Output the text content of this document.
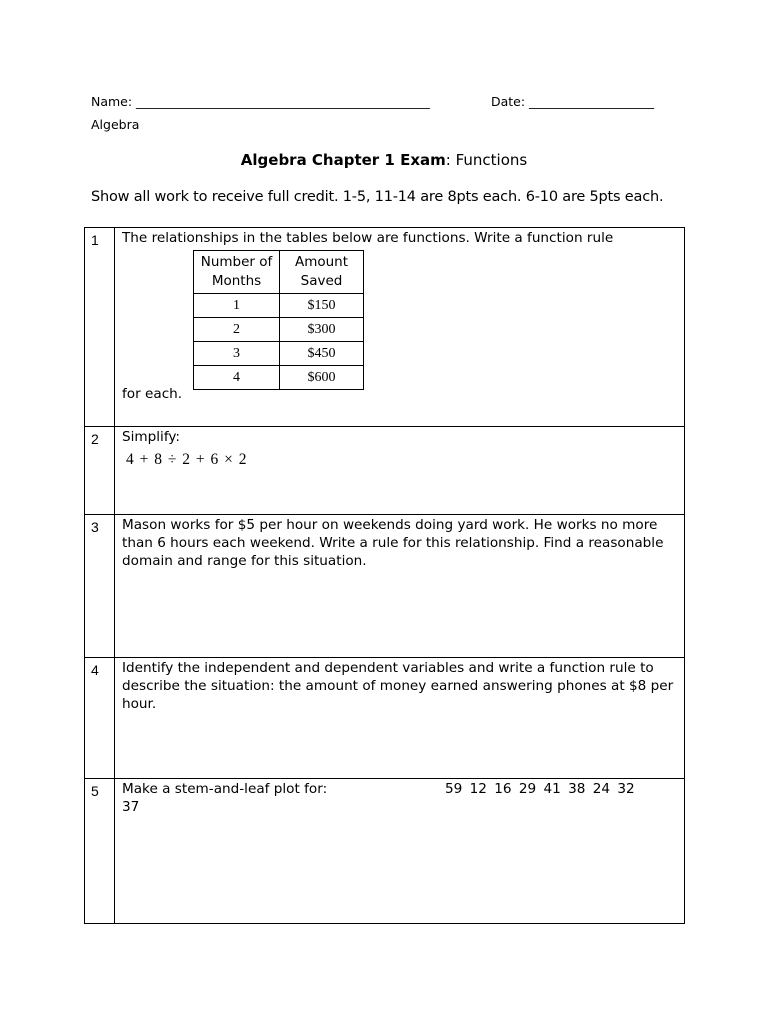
Name: _______________________________________________	Date: ____________________
Algebra
Algebra Chapter 1 Exam: Functions
Show all work to receive full credit. 1-5, 11-14 are 8pts each. 6-10 are 5pts each.
1	The relationships in the tables below are functions. Write a function rule
Number of Months	Amount Saved
1	$150
2	$300
3	$450
4	$600
for each.

2	Simplify:
4 + 8 ÷ 2 + 6 × 2

3	Mason works for $5 per hour on weekends doing yard work. He works no more than 6 hours each weekend. Write a rule for this relationship. Find a reasonable domain and range for this situation.

4	Identify the independent and dependent variables and write a function rule to describe the situation: the amount of money earned answering phones at $8 per hour.

5	Make a stem-and-leaf plot for:	59 12 16 29 41 38 24 32
37
